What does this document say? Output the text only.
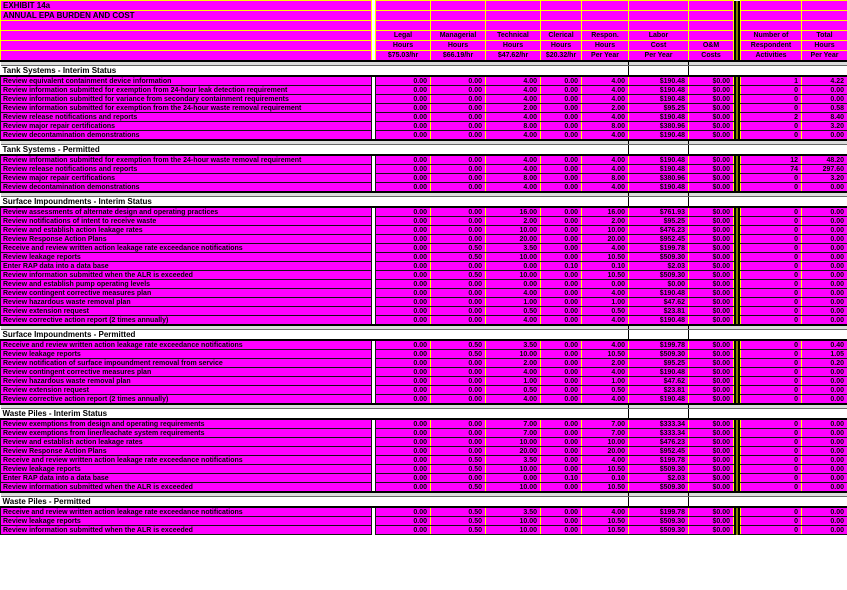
EXHIBIT 14a											
ANNUAL EPA BURDEN AND COST											

		Legal	Managerial	Technical	Clerical	Respon.	Labor			Number of	Total
		Hours	Hours	Hours	Hours	Hours	Cost	O&M		Respondent	Hours
		$75.03/hr	$66.19/hr	$47.62/hr	$20.32/hr	Per Year	Per Year	Costs		Activities	Per Year

Tank Systems - Interim Status											
Review equivalent containment device information		0.00	0.00	4.00	0.00	4.00	$190.48	$0.00		1	4.22
Review information submitted for exemption from 24-hour leak detection requirement		0.00	0.00	4.00	0.00	4.00	$190.48	$0.00		0	0.00
Review information submitted for variance from secondary containment requirements		0.00	0.00	4.00	0.00	4.00	$190.48	$0.00		0	0.00
Review information submitted for exemption from the 24-hour waste removal requirement		0.00	0.00	2.00	0.00	2.00	$95.25	$0.00		0	0.58
Review release notifications and reports		0.00	0.00	4.00	0.00	4.00	$190.48	$0.00		2	8.40
Review major repair certifications		0.00	0.00	8.00	0.00	8.00	$380.96	$0.00		0	3.20
Review decontamination demonstrations		0.00	0.00	4.00	0.00	4.00	$190.48	$0.00		0	0.00

Tank Systems - Permitted											
Review information submitted for exemption from the 24-hour waste removal requirement		0.00	0.00	4.00	0.00	4.00	$190.48	$0.00		12	48.20
Review release notifications and reports		0.00	0.00	4.00	0.00	4.00	$190.48	$0.00		74	297.60
Review major repair certifications		0.00	0.00	8.00	0.00	8.00	$380.96	$0.00		0	3.20
Review decontamination demonstrations		0.00	0.00	4.00	0.00	4.00	$190.48	$0.00		0	0.00

Surface Impoundments - Interim Status											
Review assessments of alternate design and operating practices		0.00	0.00	16.00	0.00	16.00	$761.93	$0.00		0	0.00
Review notifications of intent to receive waste		0.00	0.00	2.00	0.00	2.00	$95.25	$0.00		0	0.00
Review and establish action leakage rates		0.00	0.00	10.00	0.00	10.00	$476.23	$0.00		0	0.00
Review Response Action Plans		0.00	0.00	20.00	0.00	20.00	$952.45	$0.00		0	0.00
Receive and review written action leakage rate exceedance notifications		0.00	0.50	3.50	0.00	4.00	$199.78	$0.00		0	0.00
Review leakage reports		0.00	0.50	10.00	0.00	10.50	$509.30	$0.00		0	0.00
Enter RAP data into a data base		0.00	0.00	0.00	0.10	0.10	$2.03	$0.00		0	0.00
Review information submitted when the ALR is exceeded		0.00	0.50	10.00	0.00	10.50	$509.30	$0.00		0	0.00
Review and establish pump operating levels		0.00	0.00	0.00	0.00	0.00	$0.00	$0.00		0	0.00
Review contingent corrective measures plan		0.00	0.00	4.00	0.00	4.00	$190.48	$0.00		0	0.00
Review hazardous waste removal plan		0.00	0.00	1.00	0.00	1.00	$47.62	$0.00		0	0.00
Review extension request		0.00	0.00	0.50	0.00	0.50	$23.81	$0.00		0	0.00
Review corrective action report (2 times annually)		0.00	0.00	4.00	0.00	4.00	$190.48	$0.00		0	0.00

Surface Impoundments - Permitted											
Receive and review written action leakage rate exceedance notifications		0.00	0.50	3.50	0.00	4.00	$199.78	$0.00		0	0.40
Review leakage reports		0.00	0.50	10.00	0.00	10.50	$509.30	$0.00		0	1.05
Review notification of surface impoundment removal from service		0.00	0.00	2.00	0.00	2.00	$95.25	$0.00		0	0.20
Review contingent corrective measures plan		0.00	0.00	4.00	0.00	4.00	$190.48	$0.00		0	0.00
Review hazardous waste removal plan		0.00	0.00	1.00	0.00	1.00	$47.62	$0.00		0	0.00
Review extension request		0.00	0.00	0.50	0.00	0.50	$23.81	$0.00		0	0.00
Review corrective action report (2 times annually)		0.00	0.00	4.00	0.00	4.00	$190.48	$0.00		0	0.00

Waste Piles - Interim Status											
Review exemptions from design and operating requirements		0.00	0.00	7.00	0.00	7.00	$333.34	$0.00		0	0.00
Review exemptions from liner/leachate system requirements		0.00	0.00	7.00	0.00	7.00	$333.34	$0.00		0	0.00
Review and establish action leakage rates		0.00	0.00	10.00	0.00	10.00	$476.23	$0.00		0	0.00
Review Response Action Plans		0.00	0.00	20.00	0.00	20.00	$952.45	$0.00		0	0.00
Receive and review written action leakage rate exceedance notifications		0.00	0.50	3.50	0.00	4.00	$199.78	$0.00		0	0.00
Review leakage reports		0.00	0.50	10.00	0.00	10.50	$509.30	$0.00		0	0.00
Enter RAP data into a data base		0.00	0.00	0.00	0.10	0.10	$2.03	$0.00		0	0.00
Review information submitted when the ALR is exceeded		0.00	0.50	10.00	0.00	10.50	$509.30	$0.00		0	0.00

Waste Piles - Permitted											
Receive and review written action leakage rate exceedance notifications		0.00	0.50	3.50	0.00	4.00	$199.78	$0.00		0	0.00
Review leakage reports		0.00	0.50	10.00	0.00	10.50	$509.30	$0.00		0	0.00
Review information submitted when the ALR is exceeded		0.00	0.50	10.00	0.00	10.50	$509.30	$0.00		0	0.00
